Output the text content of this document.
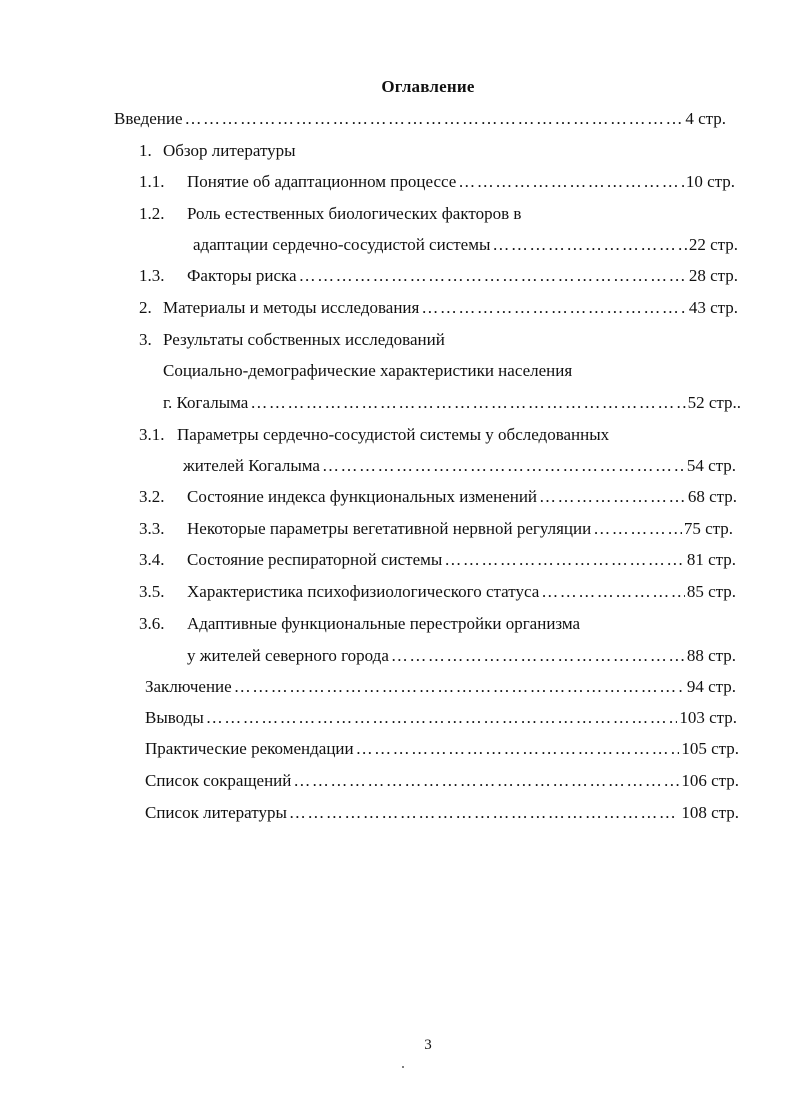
Оглавление
Введение ……………………………………………………………………………………………………………………………………………………………………	4 стр.
1. Обзор литературы
1.1. Понятие об адаптационном процессе ……………………………………………………………………………………………………………………………………………………………………	10 стр.
1.2. Роль естественных биологических факторов в
адаптации сердечно-сосудистой системы ……………………………………………………………………………………………………………………………………………………………………	22 стр.
1.3. Факторы риска ……………………………………………………………………………………………………………………………………………………………………	28 стр.
2. Материалы и методы исследования ……………………………………………………………………………………………………………………………………………………………………	43 стр.
3. Результаты собственных исследований
Социально-демографические характеристики населения
г. Когалыма ……………………………………………………………………………………………………………………………………………………………………	52 стр..
3.1. Параметры сердечно-сосудистой системы у обследованных
жителей Когалыма ……………………………………………………………………………………………………………………………………………………………………	54 стр.
3.2. Состояние индекса функциональных изменений ……………………………………………………………………………………………………………………………………………………………………	68 стр.
3.3. Некоторые параметры вегетативной нервной регуляции ……………………………………………………………………………………………………………………………………………………………………	75 стр.
3.4. Состояние респираторной системы ……………………………………………………………………………………………………………………………………………………………………	81 стр.
3.5. Характеристика психофизиологического статуса ……………………………………………………………………………………………………………………………………………………………………	85 стр.
3.6. Адаптивные функциональные перестройки организма
у жителей северного города ……………………………………………………………………………………………………………………………………………………………………	88 стр.
Заключение ……………………………………………………………………………………………………………………………………………………………………	94 стр.
Выводы ……………………………………………………………………………………………………………………………………………………………………	103 стр.
Практические рекомендации ……………………………………………………………………………………………………………………………………………………………………	105 стр.
Список сокращений ……………………………………………………………………………………………………………………………………………………………………	106 стр.
Список литературы ……………………………………………………………………………………………………………………………………………………………………	108 стр.
3
